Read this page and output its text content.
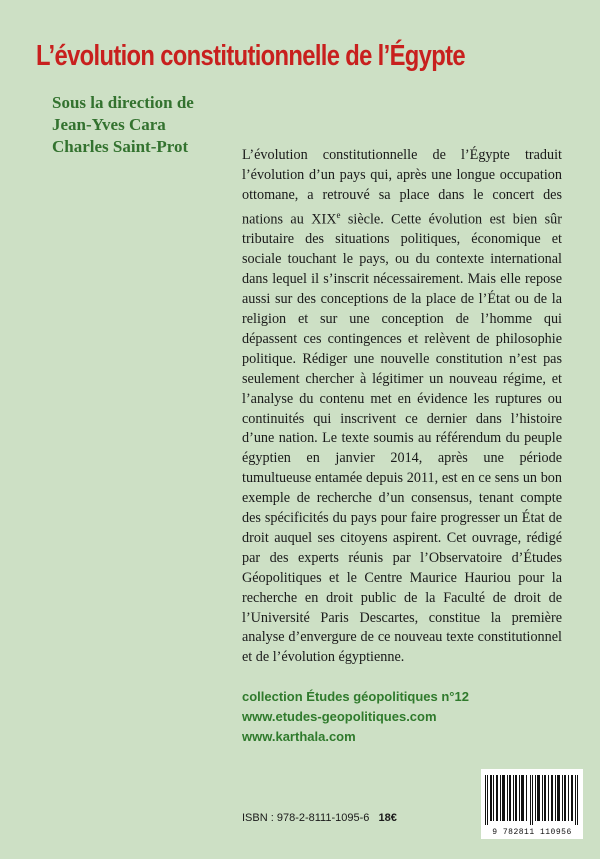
L’évolution constitutionnelle de l’Égypte
Sous la direction de
Jean-Yves Cara
Charles Saint-Prot	L’évolution constitutionnelle de l’Égypte traduit l’évolution d’un pays qui, après une longue occupation ottomane, a retrouvé sa place dans le concert des nations au XIXe siècle. Cette évolution est bien sûr tributaire des situations politiques, économique et sociale touchant le pays, ou du contexte international dans lequel il s’inscrit nécessairement. Mais elle repose aussi sur des conceptions de la place de l’État ou de la religion et sur une conception de l’homme qui dépassent ces contingences et relèvent de philosophie politique. Rédiger une nouvelle constitution n’est pas seulement chercher à légitimer un nouveau régime, et l’analyse du contenu met en évidence les ruptures ou continuités qui inscrivent ce dernier dans l’histoire d’une nation. Le texte soumis au référendum du peuple égyptien en janvier 2014, après une période tumultueuse entamée depuis 2011, est en ce sens un bon exemple de recherche d’un consensus, tenant compte des spécificités du pays pour faire progresser un État de droit auquel ses citoyens aspirent. Cet ouvrage, rédigé par des experts réunis par l’Observatoire d’Études Géopolitiques et le Centre Maurice Hauriou pour la recherche en droit public de la Faculté de droit de l’Université Paris Descartes, constitue la première analyse d’envergure de ce nouveau texte constitutionnel et de l’évolution égyptienne.
collection Études géopolitiques n°12
www.etudes-geopolitiques.com
www.karthala.com
ISBN : 978-2-8111-1095-6 18€
9 782811 110956
